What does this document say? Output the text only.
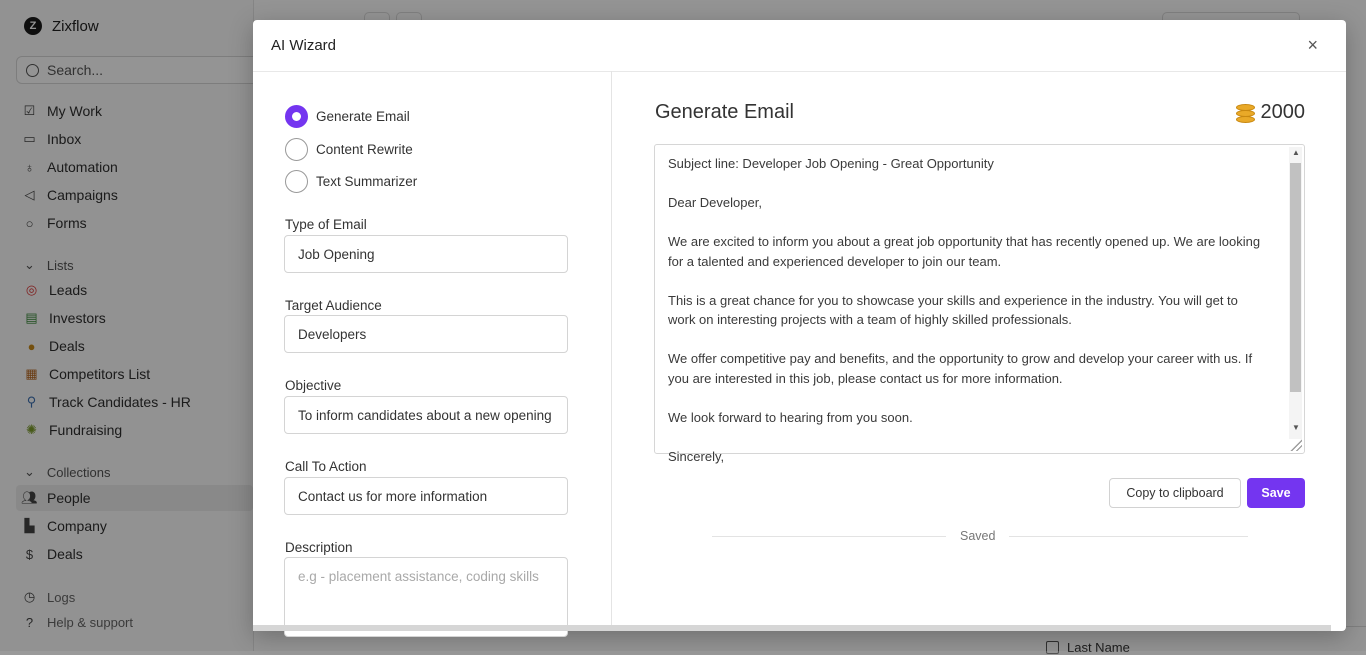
Z	Zixflow
Search...
☑ My Work
▭ Inbox
♁ Automation
◁ Campaigns
○ Forms
⌄ Lists
◎ Leads
▤ Investors
● Deals
▦ Competitors List
⚲ Track Candidates - HR
✺ Fundraising
⌄ Collections
👥︎ People
▙ Company
$ Deals
◷ Logs
? Help & support
Last Name
AI Wizard	×
Generate Email
Content Rewrite
Text Summarizer
Type of Email
Job Opening
Target Audience
Developers
Objective
To inform candidates about a new opening
Call To Action
Contact us for more information
Description
e.g - placement assistance, coding skills
Generate Email	2000
Subject line: Developer Job Opening - Great Opportunity

Dear Developer,

We are excited to inform you about a great job opportunity that has recently opened up. We are looking for a talented and experienced developer to join our team.

This is a great chance for you to showcase your skills and experience in the industry. You will get to work on interesting projects with a team of highly skilled professionals.

We offer competitive pay and benefits, and the opportunity to grow and develop your career with us. If you are interested in this job, please contact us for more information.

We look forward to hearing from you soon.

Sincerely,
▲
▼
Copy to clipboard	Save
Saved
